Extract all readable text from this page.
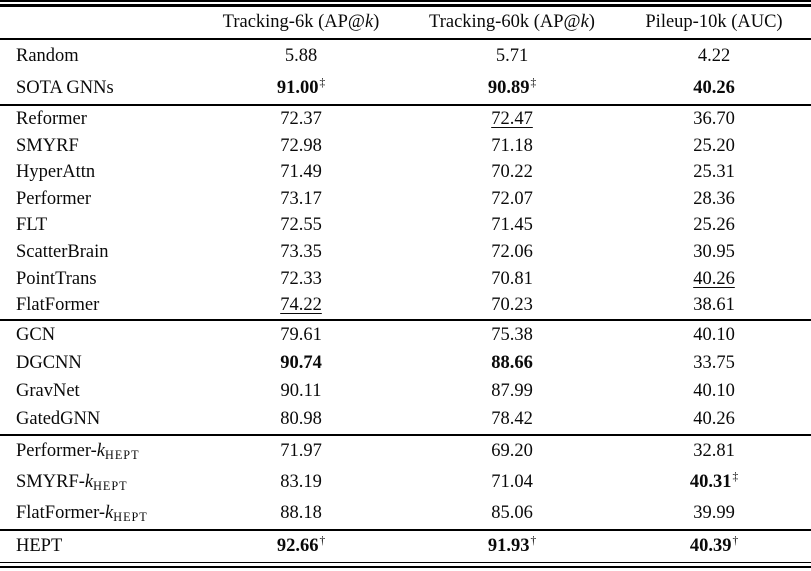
	Tracking-6k (AP@k)	Tracking-60k (AP@k)	Pileup-10k (AUC)
Random	5.88	5.71	4.22
SOTA GNNs	91.00‡	90.89‡	40.26
Reformer	72.37	72.47	36.70
SMYRF	72.98	71.18	25.20
HyperAttn	71.49	70.22	25.31
Performer	73.17	72.07	28.36
FLT	72.55	71.45	25.26
ScatterBrain	73.35	72.06	30.95
PointTrans	72.33	70.81	40.26
FlatFormer	74.22	70.23	38.61
GCN	79.61	75.38	40.10
DGCNN	90.74	88.66	33.75
GravNet	90.11	87.99	40.10
GatedGNN	80.98	78.42	40.26
Performer-$k_{HEPT}$	71.97	69.20	32.81
SMYRF-$k_{HEPT}$	83.19	71.04	40.31‡
FlatFormer-$k_{HEPT}$	88.18	85.06	39.99
HEPT	92.66†	91.93†	40.39†
